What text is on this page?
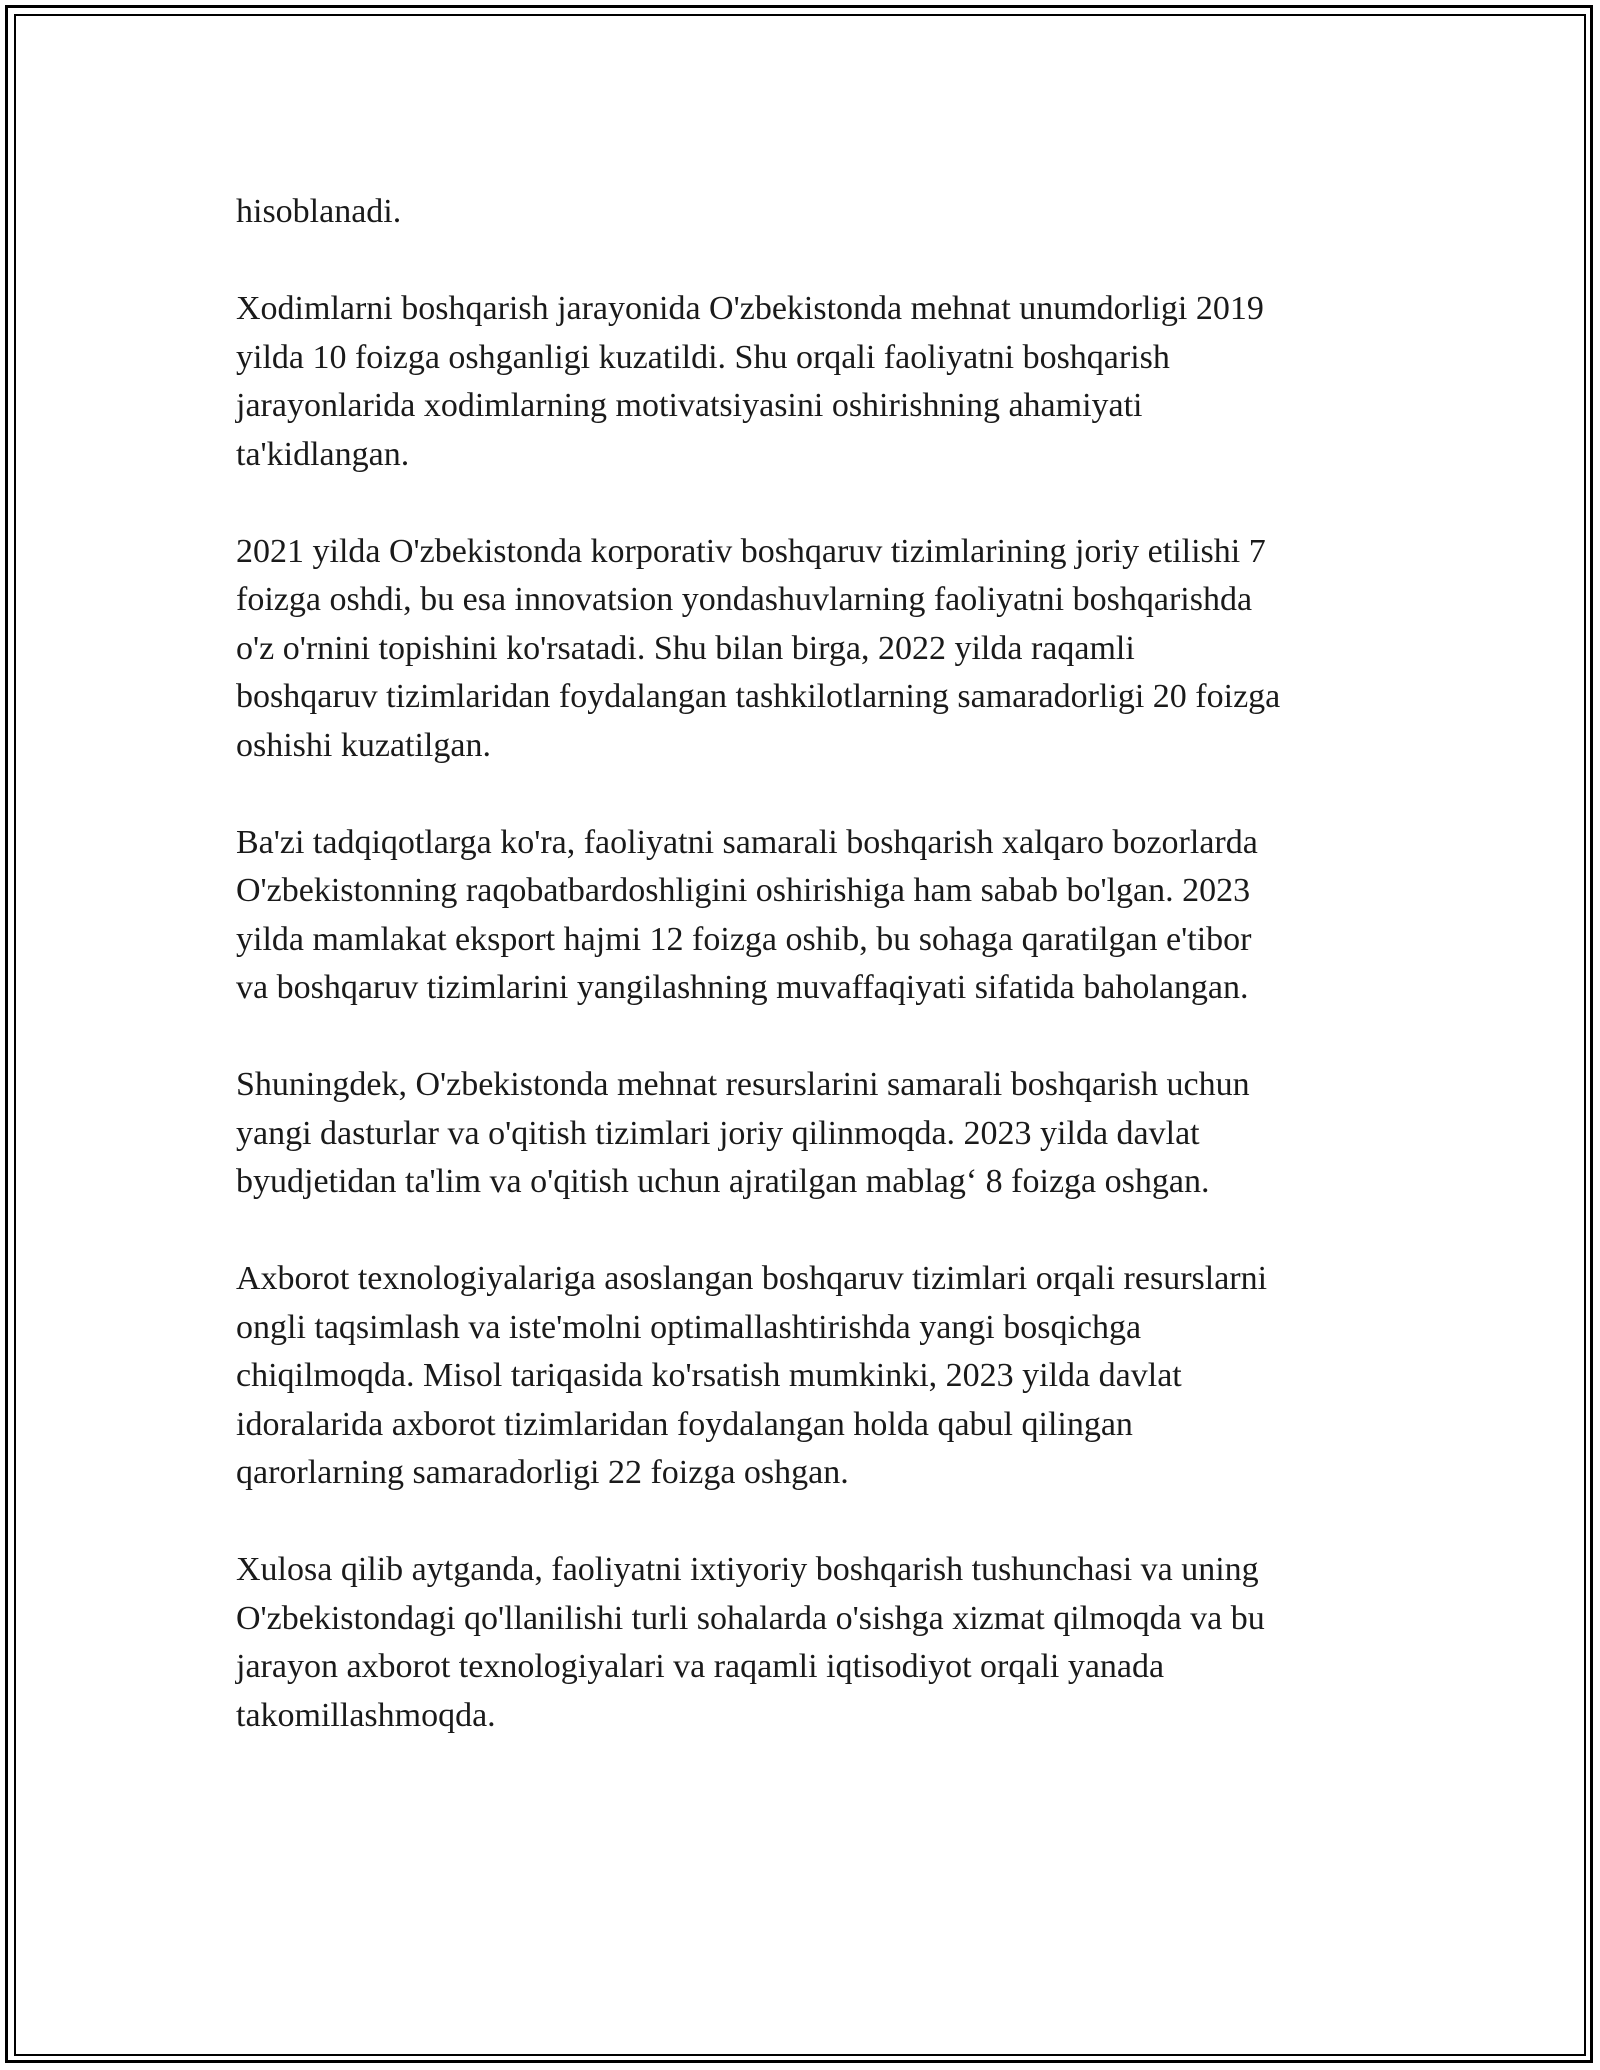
hisoblanadi.

Xodimlarni boshqarish jarayonida O'zbekistonda mehnat unumdorligi 2019
yilda 10 foizga oshganligi kuzatildi. Shu orqali faoliyatni boshqarish
jarayonlarida xodimlarning motivatsiyasini oshirishning ahamiyati
ta'kidlangan.

2021 yilda O'zbekistonda korporativ boshqaruv tizimlarining joriy etilishi 7
foizga oshdi, bu esa innovatsion yondashuvlarning faoliyatni boshqarishda
o'z o'rnini topishini ko'rsatadi. Shu bilan birga, 2022 yilda raqamli
boshqaruv tizimlaridan foydalangan tashkilotlarning samaradorligi 20 foizga
oshishi kuzatilgan.

Ba'zi tadqiqotlarga ko'ra, faoliyatni samarali boshqarish xalqaro bozorlarda
O'zbekistonning raqobatbardoshligini oshirishiga ham sabab bo'lgan. 2023
yilda mamlakat eksport hajmi 12 foizga oshib, bu sohaga qaratilgan e'tibor
va boshqaruv tizimlarini yangilashning muvaffaqiyati sifatida baholangan.

Shuningdek, O'zbekistonda mehnat resurslarini samarali boshqarish uchun
yangi dasturlar va o'qitish tizimlari joriy qilinmoqda. 2023 yilda davlat
byudjetidan ta'lim va o'qitish uchun ajratilgan mablag‘ 8 foizga oshgan.

Axborot texnologiyalariga asoslangan boshqaruv tizimlari orqali resurslarni
ongli taqsimlash va iste'molni optimallashtirishda yangi bosqichga
chiqilmoqda. Misol tariqasida ko'rsatish mumkinki, 2023 yilda davlat
idoralarida axborot tizimlaridan foydalangan holda qabul qilingan
qarorlarning samaradorligi 22 foizga oshgan.

Xulosa qilib aytganda, faoliyatni ixtiyoriy boshqarish tushunchasi va uning
O'zbekistondagi qo'llanilishi turli sohalarda o'sishga xizmat qilmoqda va bu
jarayon axborot texnologiyalari va raqamli iqtisodiyot orqali yanada
takomillashmoqda.
